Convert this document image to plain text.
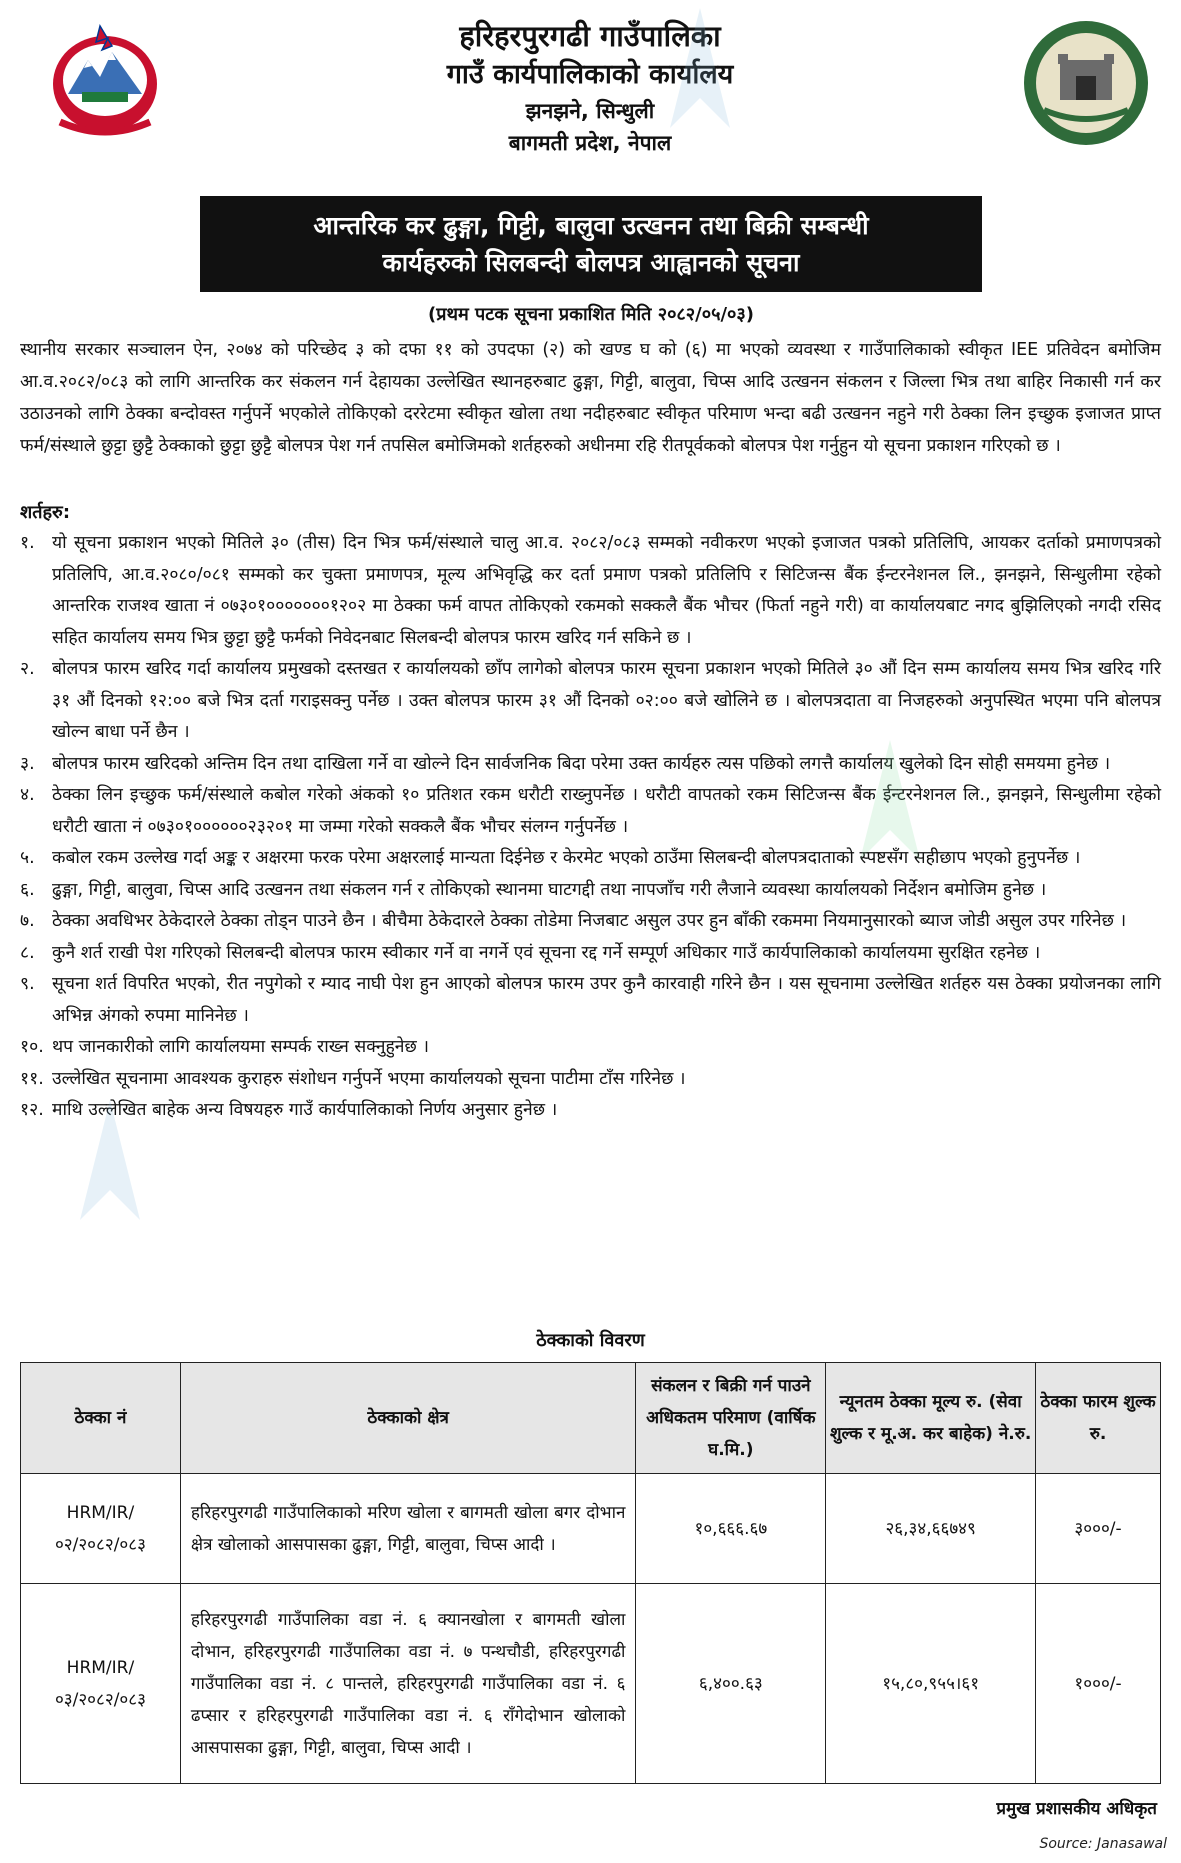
हरिहरपुरगढी गाउँपालिका

गाउँ कार्यपालिकाको कार्यालय

झनझने, सिन्धुली

बागमती प्रदेश, नेपाल

आन्तरिक कर ढुङ्गा, गिट्टी, बालुवा उत्खनन तथा बिक्री सम्बन्धी
कार्यहरुको सिलबन्दी बोलपत्र आह्वानको सूचना
(प्रथम पटक सूचना प्रकाशित मिति २०८२/०५/०३)
स्थानीय सरकार सञ्चालन ऐन, २०७४ को परिच्छेद ३ को दफा ११ को उपदफा (२) को खण्ड घ को (६) मा भएको व्यवस्था र गाउँपालिकाको स्वीकृत IEE प्रतिवेदन बमोजिम आ.व.२०८२/०८३ को लागि आन्तरिक कर संकलन गर्न देहायका उल्लेखित स्थानहरुबाट ढुङ्गा, गिट्टी, बालुवा, चिप्स आदि उत्खनन संकलन र जिल्ला भित्र तथा बाहिर निकासी गर्न कर उठाउनको लागि ठेक्का बन्दोवस्त गर्नुपर्ने भएकोले तोकिएको दररेटमा स्वीकृत खोला तथा नदीहरुबाट स्वीकृत परिमाण भन्दा बढी उत्खनन नहुने गरी ठेक्का लिन इच्छुक इजाजत प्राप्त फर्म/संस्थाले छुट्टा छुट्टै ठेक्काको छुट्टा छुट्टै बोलपत्र पेश गर्न तपसिल बमोजिमको शर्तहरुको अधीनमा रहि रीतपूर्वकको बोलपत्र पेश गर्नुहुन यो सूचना प्रकाशन गरिएको छ ।
शर्तहरु:
१. यो सूचना प्रकाशन भएको मितिले ३० (तीस) दिन भित्र फर्म/संस्थाले चालु आ.व. २०८२/०८३ सम्मको नवीकरण भएको इजाजत पत्रको प्रतिलिपि, आयकर दर्ताको प्रमाणपत्रको प्रतिलिपि, आ.व.२०८०/०८१ सम्मको कर चुक्ता प्रमाणपत्र, मूल्य अभिवृद्धि कर दर्ता प्रमाण पत्रको प्रतिलिपि र सिटिजन्स बैंक ईन्टरनेशनल लि., झनझने, सिन्धुलीमा रहेको आन्तरिक राजश्व खाता नं ०७३०१०००००००१२०२ मा ठेक्का फर्म वापत तोकिएको रकमको सक्कलै बैंक भौचर (फिर्ता नहुने गरी) वा कार्यालयबाट नगद बुझिलिएको नगदी रसिद सहित कार्यालय समय भित्र छुट्टा छुट्टै फर्मको निवेदनबाट सिलबन्दी बोलपत्र फारम खरिद गर्न सकिने छ ।
२. बोलपत्र फारम खरिद गर्दा कार्यालय प्रमुखको दस्तखत र कार्यालयको छाँप लागेको बोलपत्र फारम सूचना प्रकाशन भएको मितिले ३० औं दिन सम्म कार्यालय समय भित्र खरिद गरि ३१ औं दिनको १२:०० बजे भित्र दर्ता गराइसक्नु पर्नेछ । उक्त बोलपत्र फारम ३१ औं दिनको ०२:०० बजे खोलिने छ । बोलपत्रदाता वा निजहरुको अनुपस्थित भएमा पनि बोलपत्र खोल्न बाधा पर्ने छैन ।
३. बोलपत्र फारम खरिदको अन्तिम दिन तथा दाखिला गर्ने वा खोल्ने दिन सार्वजनिक बिदा परेमा उक्त कार्यहरु त्यस पछिको लगत्तै कार्यालय खुलेको दिन सोही समयमा हुनेछ ।
४. ठेक्का लिन इच्छुक फर्म/संस्थाले कबोल गरेको अंकको १० प्रतिशत रकम धरौटी राख्नुपर्नेछ । धरौटी वापतको रकम सिटिजन्स बैंक ईन्टरनेशनल लि., झनझने, सिन्धुलीमा रहेको धरौटी खाता नं ०७३०१००००००२३२०१ मा जम्मा गरेको सक्कलै बैंक भौचर संलग्न गर्नुपर्नेछ ।
५. कबोल रकम उल्लेख गर्दा अङ्क र अक्षरमा फरक परेमा अक्षरलाई मान्यता दिईनेछ र केरमेट भएको ठाउँमा सिलबन्दी बोलपत्रदाताको स्पष्टसँग सहीछाप भएको हुनुपर्नेछ ।
६. ढुङ्गा, गिट्टी, बालुवा, चिप्स आदि उत्खनन तथा संकलन गर्न र तोकिएको स्थानमा घाटगद्दी तथा नापजाँच गरी लैजाने व्यवस्था कार्यालयको निर्देशन बमोजिम हुनेछ ।
७. ठेक्का अवधिभर ठेकेदारले ठेक्का तोड्न पाउने छैन । बीचैमा ठेकेदारले ठेक्का तोडेमा निजबाट असुल उपर हुन बाँकी रकममा नियमानुसारको ब्याज जोडी असुल उपर गरिनेछ ।
८. कुनै शर्त राखी पेश गरिएको सिलबन्दी बोलपत्र फारम स्वीकार गर्ने वा नगर्ने एवं सूचना रद्द गर्ने सम्पूर्ण अधिकार गाउँ कार्यपालिकाको कार्यालयमा सुरक्षित रहनेछ ।
९. सूचना शर्त विपरित भएको, रीत नपुगेको र म्याद नाघी पेश हुन आएको बोलपत्र फारम उपर कुनै कारवाही गरिने छैन । यस सूचनामा उल्लेखित शर्तहरु यस ठेक्का प्रयोजनका लागि अभिन्न अंगको रुपमा मानिनेछ ।
१०. थप जानकारीको लागि कार्यालयमा सम्पर्क राख्न सक्नुहुनेछ ।
११. उल्लेखित सूचनामा आवश्यक कुराहरु संशोधन गर्नुपर्ने भएमा कार्यालयको सूचना पाटीमा टाँस गरिनेछ ।
१२. माथि उल्लेखित बाहेक अन्य विषयहरु गाउँ कार्यपालिकाको निर्णय अनुसार हुनेछ ।
ठेक्काको विवरण
ठेक्का नं	ठेक्काको क्षेत्र	संकलन र बिक्री गर्न पाउने अधिकतम परिमाण (वार्षिक घ.मि.)	न्यूनतम ठेक्का मूल्य रु. (सेवा शुल्क र मू.अ. कर बाहेक) ने.रु.	ठेक्का फारम शुल्क रु.
HRM/IR/ ०२/२०८२/०८३	हरिहरपुरगढी गाउँपालिकाको मरिण खोला र बागमती खोला बगर दोभान क्षेत्र खोलाको आसपासका ढुङ्गा, गिट्टी, बालुवा, चिप्स आदी ।	१०,६६६.६७	२६,३४,६६७४९	३०००/-
HRM/IR/ ०३/२०८२/०८३	हरिहरपुरगढी गाउँपालिका वडा नं. ६ क्यानखोला र बागमती खोला दोभान, हरिहरपुरगढी गाउँपालिका वडा नं. ७ पन्थचौडी, हरिहरपुरगढी गाउँपालिका वडा नं. ८ पान्तले, हरिहरपुरगढी गाउँपालिका वडा नं. ६ ढप्सार र हरिहरपुरगढी गाउँपालिका वडा नं. ६ राँगेदोभान खोलाको आसपासका ढुङ्गा, गिट्टी, बालुवा, चिप्स आदी ।	६,४००.६३	१५,८०,९५५।६१	१०००/-
प्रमुख प्रशासकीय अधिकृत
Source: Janasawal
